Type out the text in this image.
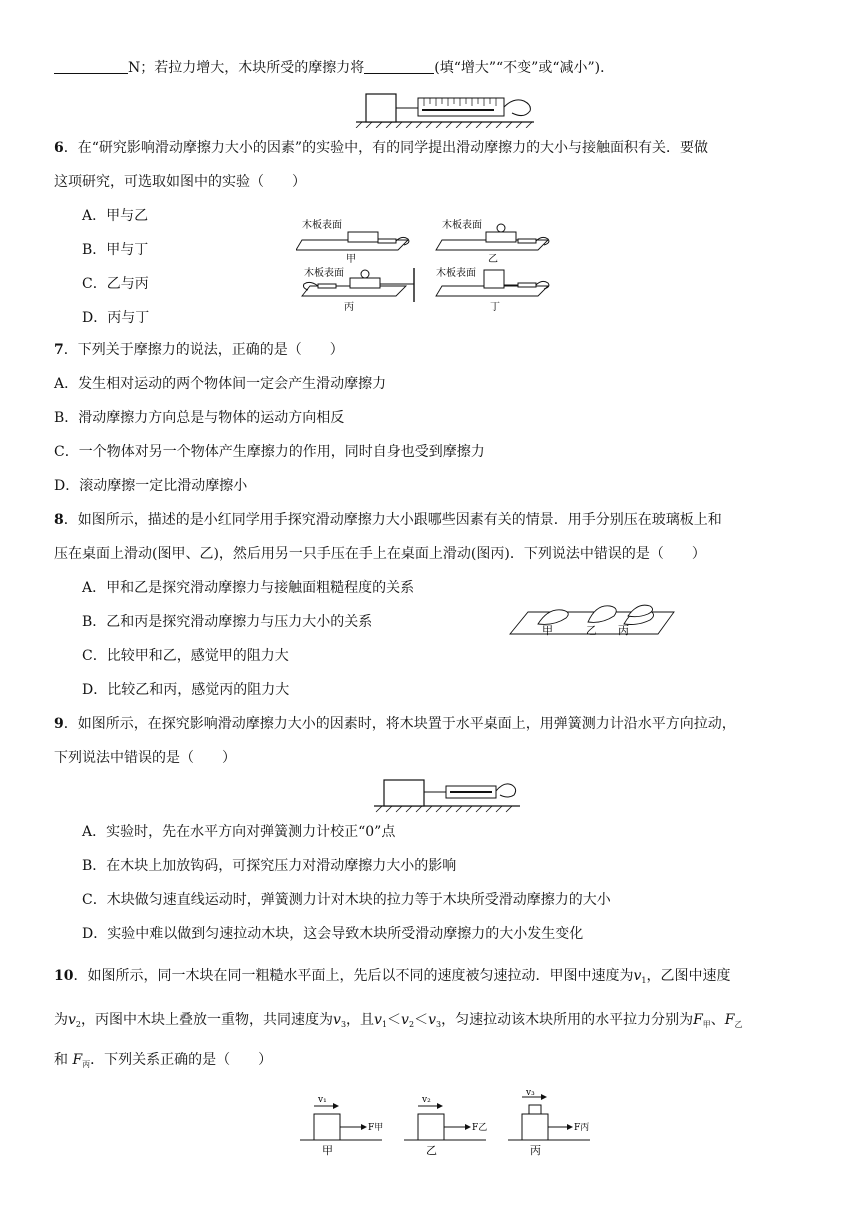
N；若拉力增大，木块所受的摩擦力将	(填“增大”“不变”或“减小”)．
6．在“研究影响滑动摩擦力大小的因素”的实验中，有的同学提出滑动摩擦力的大小与接触面积有关．要做
这项研究，可选取如图中的实验（　　）
A．甲与乙
B．甲与丁
C．乙与丙
D．丙与丁
木板表面
甲
木板表面
乙
木板表面
丙
木板表面
丁
7．下列关于摩擦力的说法，正确的是（　　）
A．发生相对运动的两个物体间一定会产生滑动摩擦力
B．滑动摩擦力方向总是与物体的运动方向相反
C．一个物体对另一个物体产生摩擦力的作用，同时自身也受到摩擦力
D．滚动摩擦一定比滑动摩擦小
8．如图所示，描述的是小红同学用手探究滑动摩擦力大小跟哪些因素有关的情景．用手分别压在玻璃板上和
压在桌面上滑动(图甲、乙)，然后用另一只手压在手上在桌面上滑动(图丙)．下列说法中错误的是（　　）
A．甲和乙是探究滑动摩擦力与接触面粗糙程度的关系
B．乙和丙是探究滑动摩擦力与压力大小的关系
C．比较甲和乙，感觉甲的阻力大
D．比较乙和丙，感觉丙的阻力大
甲	乙 丙
9．如图所示，在探究影响滑动摩擦力大小的因素时，将木块置于水平桌面上，用弹簧测力计沿水平方向拉动，
下列说法中错误的是（　　）
A．实验时，先在水平方向对弹簧测力计校正“0”点
B．在木块上加放钩码，可探究压力对滑动摩擦力大小的影响
C．木块做匀速直线运动时，弹簧测力计对木块的拉力等于木块所受滑动摩擦力的大小
D．实验中难以做到匀速拉动木块，这会导致木块所受滑动摩擦力的大小发生变化
10．如图所示，同一木块在同一粗糙水平面上，先后以不同的速度被匀速拉动．甲图中速度为$v_1$，乙图中速度
为$v_2$，丙图中木块上叠放一重物，共同速度为$v_3$，且$v_1<v_2<v_3$，匀速拉动该木块所用的水平拉力分别为$F_甲$、$F_乙$
和 $F_丙$．下列关系正确的是（　　）
v₁
F甲
甲
v₂
F乙
乙
v₃
F丙
丙
